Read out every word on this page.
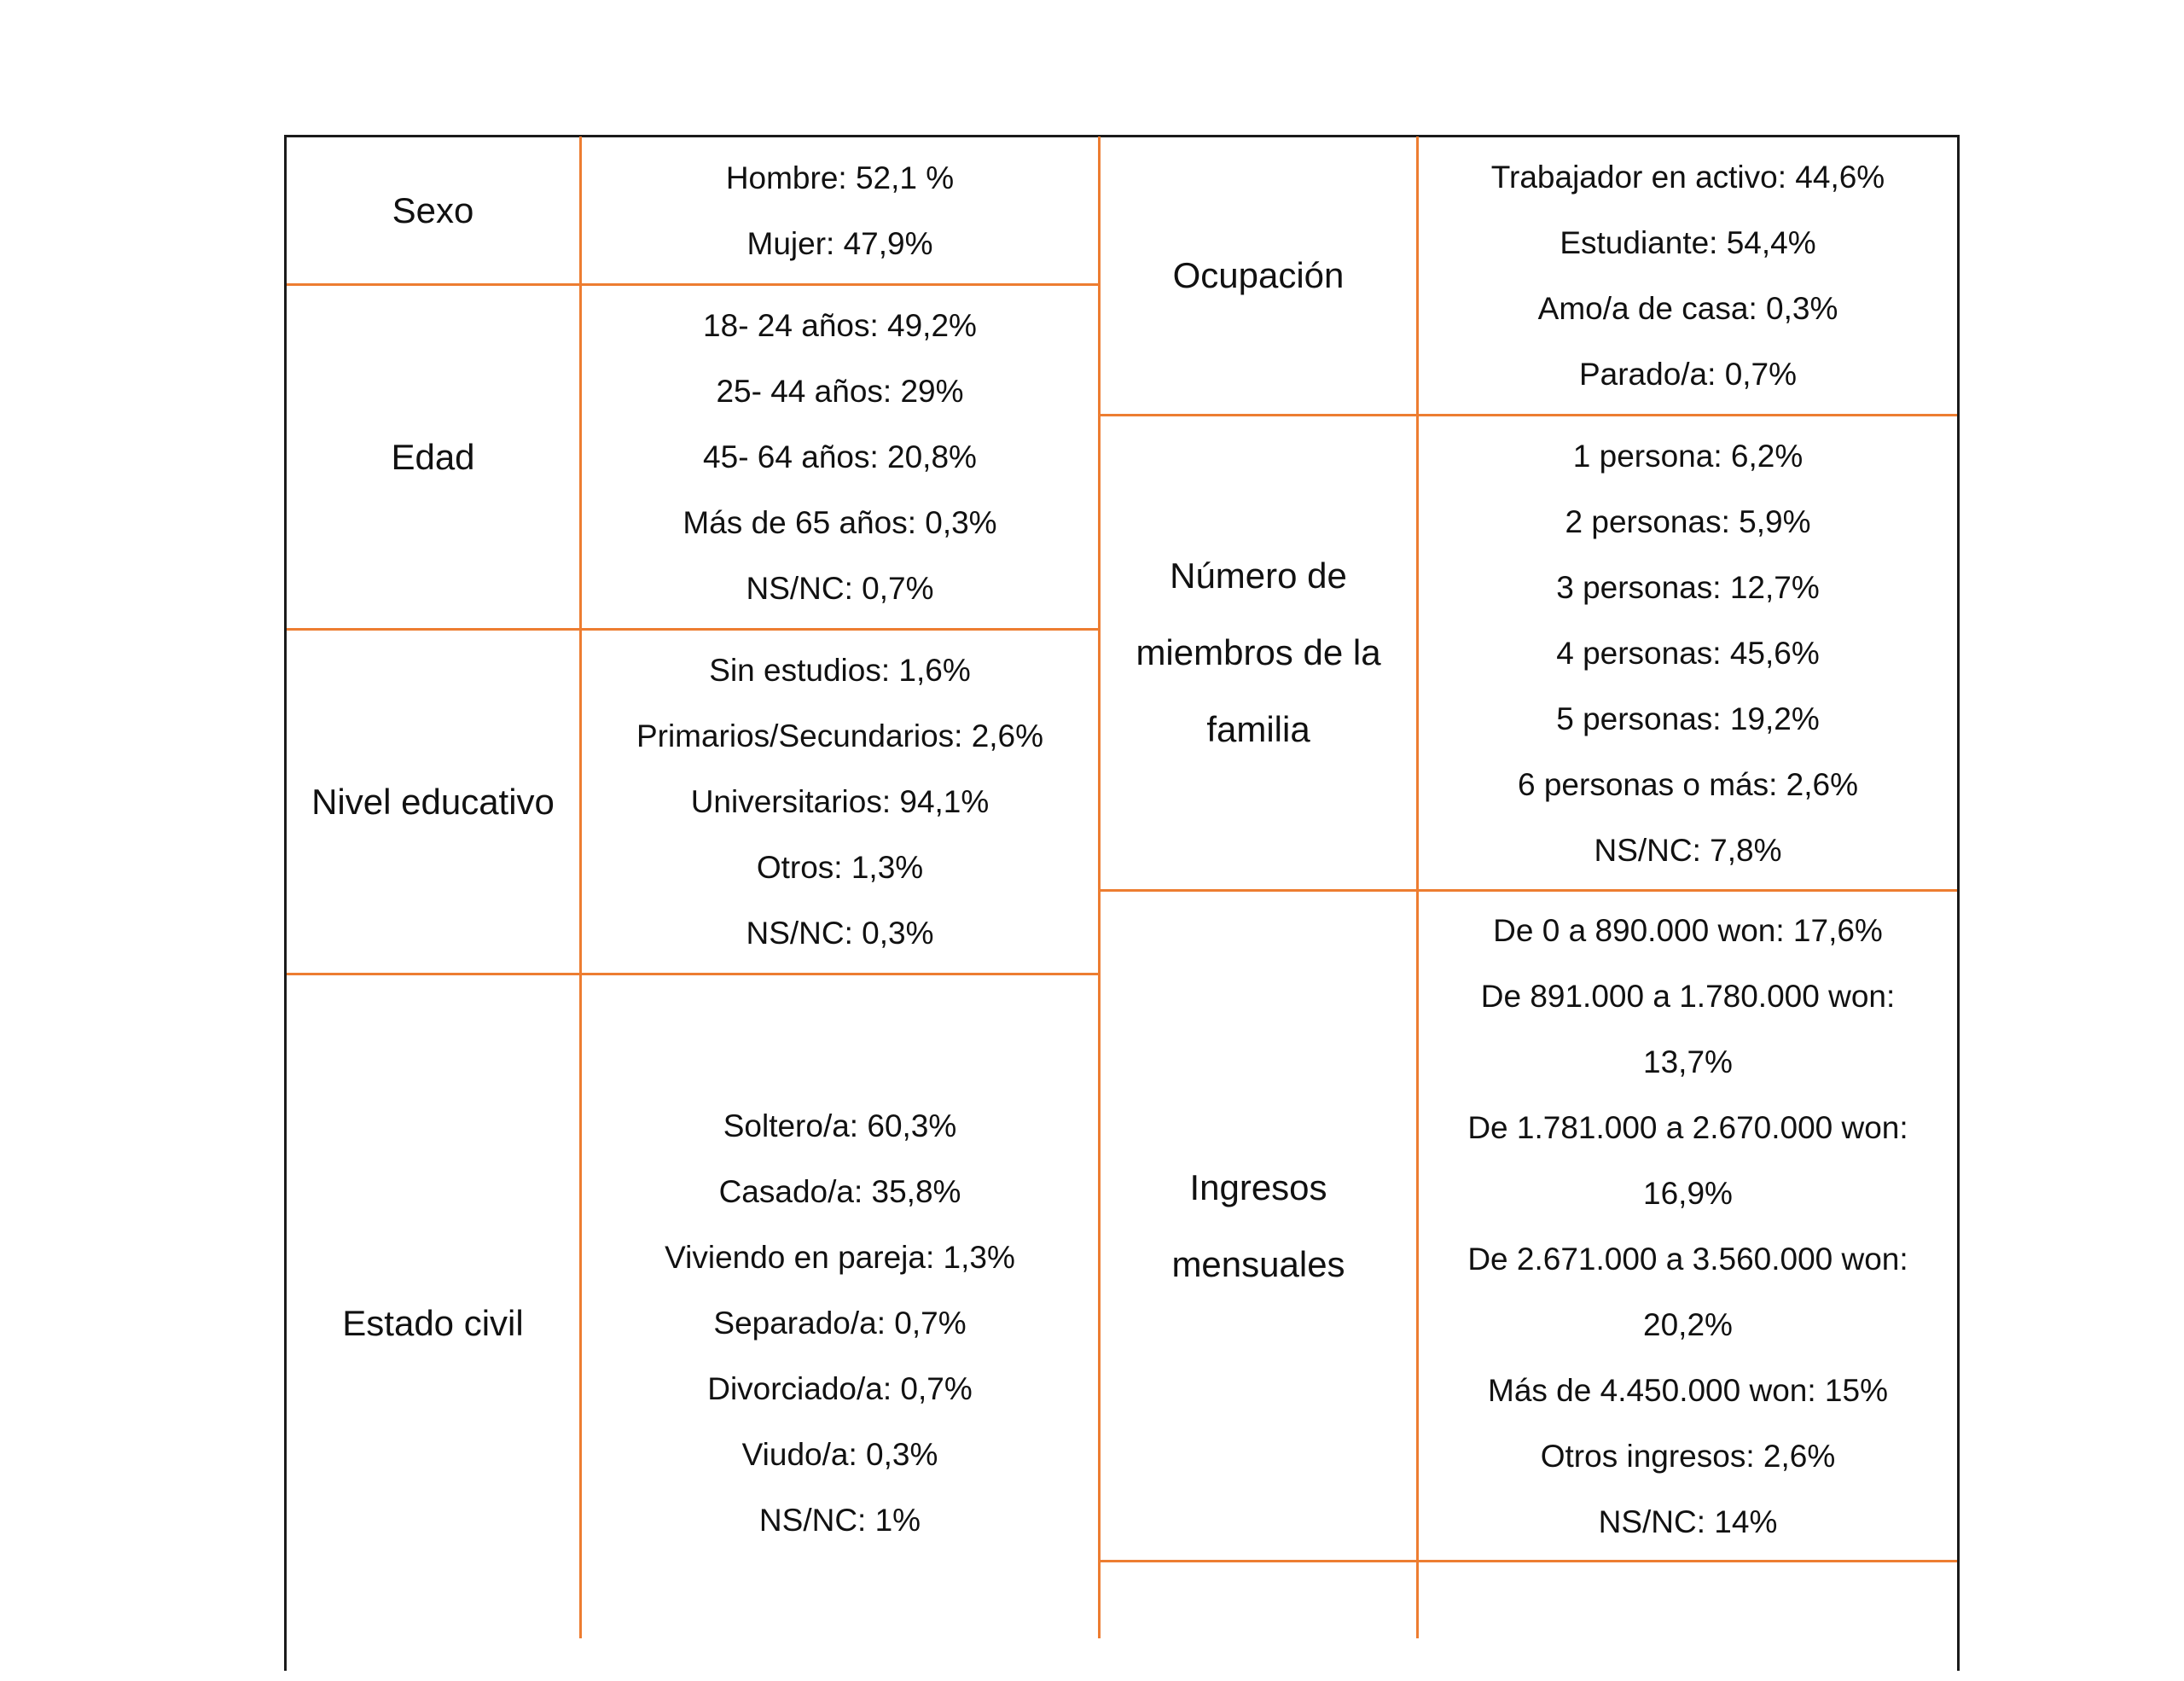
Sexo
Hombre: 52,1 %
Mujer: 47,9%
Edad
18- 24 años: 49,2%
25- 44 años: 29%
45- 64 años: 20,8%
Más de 65 años: 0,3%
NS/NC: 0,7%
Nivel educativo
Sin estudios: 1,6%
Primarios/Secundarios: 2,6%
Universitarios: 94,1%
Otros: 1,3%
NS/NC: 0,3%
Estado civil
Soltero/a: 60,3%
Casado/a: 35,8%
Viviendo en pareja: 1,3%
Separado/a: 0,7%
Divorciado/a: 0,7%
Viudo/a: 0,3%
NS/NC: 1%
Ocupación
Trabajador en activo: 44,6%
Estudiante: 54,4%
Amo/a de casa: 0,3%
Parado/a: 0,7%
Número de
miembros de la
familia
1 persona: 6,2%
2 personas: 5,9%
3 personas: 12,7%
4 personas: 45,6%
5 personas: 19,2%
6 personas o más: 2,6%
NS/NC: 7,8%
Ingresos
mensuales
De 0 a 890.000 won: 17,6%
De 891.000 a 1.780.000 won:
13,7%
De 1.781.000 a 2.670.000 won:
16,9%
De 2.671.000 a 3.560.000 won:
20,2%
Más de 4.450.000 won: 15%
Otros ingresos: 2,6%
NS/NC: 14%
